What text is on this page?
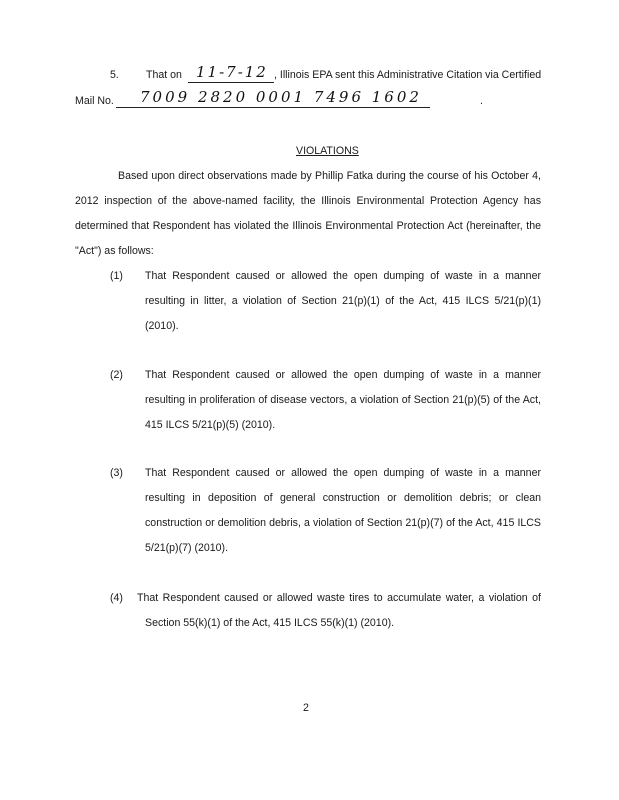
5.	That on 11-7-12 , Illinois EPA sent this Administrative Citation via Certified
Mail No. 7009 2820 0001 7496 1602	.
VIOLATIONS
Based upon direct observations made by Phillip Fatka during the course of his October 4,
2012 inspection of the above-named facility, the Illinois Environmental Protection Agency has
determined that Respondent has violated the Illinois Environmental Protection Act (hereinafter, the
"Act") as follows:
(1) That Respondent caused or allowed the open dumping of waste in a manner
resulting in litter, a violation of Section 21(p)(1) of the Act, 415 ILCS 5/21(p)(1)
(2010).
(2) That Respondent caused or allowed the open dumping of waste in a manner
resulting in proliferation of disease vectors, a violation of Section 21(p)(5) of the Act,
415 ILCS 5/21(p)(5) (2010).
(3) That Respondent caused or allowed the open dumping of waste in a manner
resulting in deposition of general construction or demolition debris; or clean
construction or demolition debris, a violation of Section 21(p)(7) of the Act, 415 ILCS
5/21(p)(7) (2010).
(4) That Respondent caused or allowed waste tires to accumulate water, a violation of
Section 55(k)(1) of the Act, 415 ILCS 55(k)(1) (2010).
2
